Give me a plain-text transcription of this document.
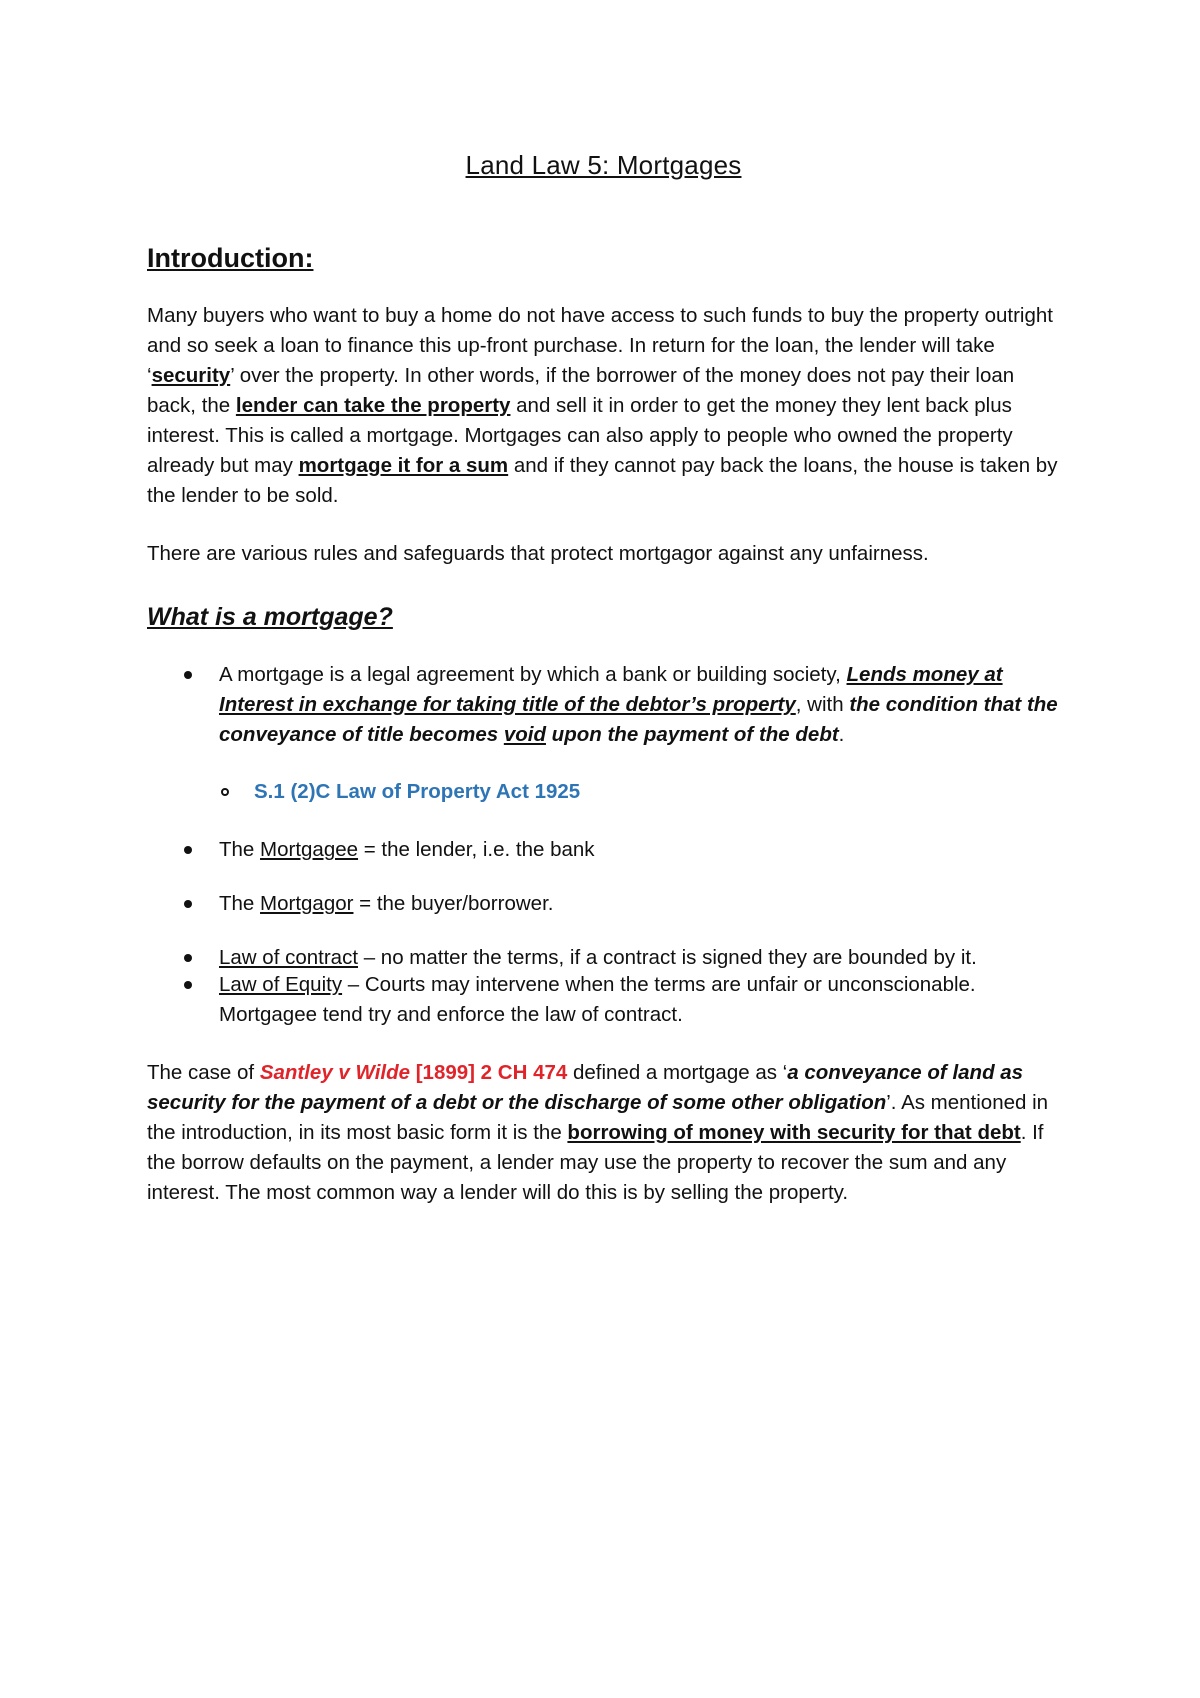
Land Law 5: Mortgages
Introduction:

Many buyers who want to buy a home do not have access to such funds to buy the property outright and so seek a loan to finance this up-front purchase. In return for the loan, the lender will take ‘security’ over the property. In other words, if the borrower of the money does not pay their loan back, the lender can take the property and sell it in order to get the money they lent back plus interest. This is called a mortgage. Mortgages can also apply to people who owned the property already but may mortgage it for a sum and if they cannot pay back the loans, the house is taken by the lender to be sold.

There are various rules and safeguards that protect mortgagor against any unfairness.

What is a mortgage?
A mortgage is a legal agreement by which a bank or building society, Lends money at Interest in exchange for taking title of the debtor’s property, with the condition that the conveyance of title becomes void upon the payment of the debt.
S.1 (2)C Law of Property Act 1925
The Mortgagee = the lender, i.e. the bank
The Mortgagor = the buyer/borrower.
Law of contract – no matter the terms, if a contract is signed they are bounded by it.
Law of Equity – Courts may intervene when the terms are unfair or unconscionable. Mortgagee tend try and enforce the law of contract.

The case of Santley v Wilde [1899] 2 CH 474 defined a mortgage as ‘a conveyance of land as security for the payment of a debt or the discharge of some other obligation’. As mentioned in the introduction, in its most basic form it is the borrowing of money with security for that debt. If the borrow defaults on the payment, a lender may use the property to recover the sum and any interest. The most common way a lender will do this is by selling the property.
